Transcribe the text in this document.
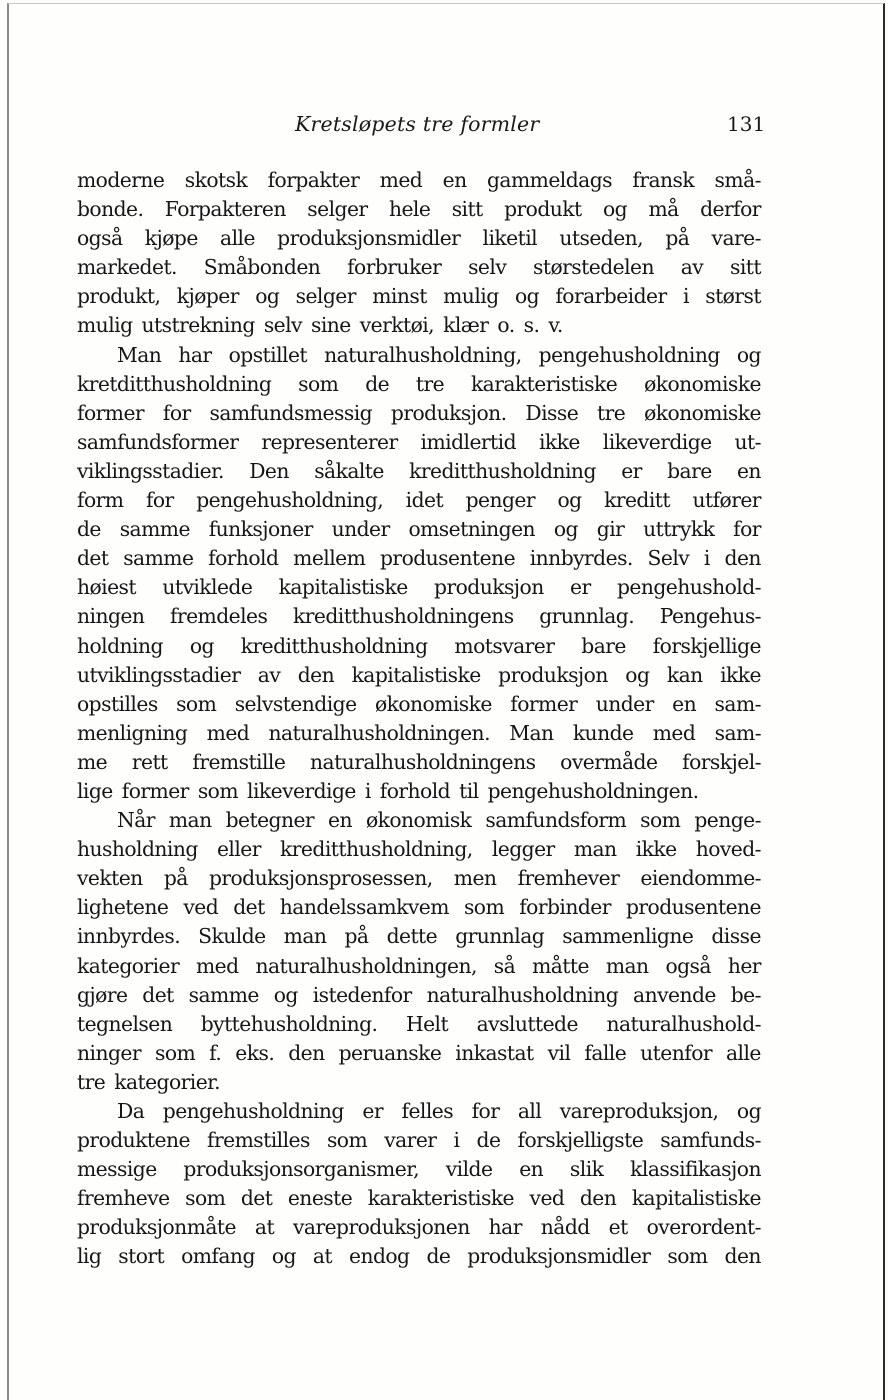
Kretsløpets tre formler	131
moderne skotsk forpakter med en gammeldags fransk små-
bonde. Forpakteren selger hele sitt produkt og må derfor
også kjøpe alle produksjonsmidler liketil utseden, på vare-
markedet. Småbonden forbruker selv størstedelen av sitt
produkt, kjøper og selger minst mulig og forarbeider i størst
mulig utstrekning selv sine verktøi, klær o. s. v.
Man har opstillet naturalhusholdning, pengehusholdning og
kretditthusholdning som de tre karakteristiske økonomiske
former for samfundsmessig produksjon. Disse tre økonomiske
samfundsformer representerer imidlertid ikke likeverdige ut-
viklingsstadier. Den såkalte kreditthusholdning er bare en
form for pengehusholdning, idet penger og kreditt utfører
de samme funksjoner under omsetningen og gir uttrykk for
det samme forhold mellem produsentene innbyrdes. Selv i den
høiest utviklede kapitalistiske produksjon er pengehushold-
ningen fremdeles kreditthusholdningens grunnlag. Pengehus-
holdning og kreditthusholdning motsvarer bare forskjellige
utviklingsstadier av den kapitalistiske produksjon og kan ikke
opstilles som selvstendige økonomiske former under en sam-
menligning med naturalhusholdningen. Man kunde med sam-
me rett fremstille naturalhusholdningens overmåde forskjel-
lige former som likeverdige i forhold til pengehusholdningen.
Når man betegner en økonomisk samfundsform som penge-
husholdning eller kreditthusholdning, legger man ikke hoved-
vekten på produksjonsprosessen, men fremhever eiendomme-
lighetene ved det handelssamkvem som forbinder produsentene
innbyrdes. Skulde man på dette grunnlag sammenligne disse
kategorier med naturalhusholdningen, så måtte man også her
gjøre det samme og istedenfor naturalhusholdning anvende be-
tegnelsen byttehusholdning. Helt avsluttede naturalhushold-
ninger som f. eks. den peruanske inkastat vil falle utenfor alle
tre kategorier.
Da pengehusholdning er felles for all vareproduksjon, og
produktene fremstilles som varer i de forskjelligste samfunds-
messige produksjonsorganismer, vilde en slik klassifikasjon
fremheve som det eneste karakteristiske ved den kapitalistiske
produksjonmåte at vareproduksjonen har nådd et overordent-
lig stort omfang og at endog de produksjonsmidler som den
